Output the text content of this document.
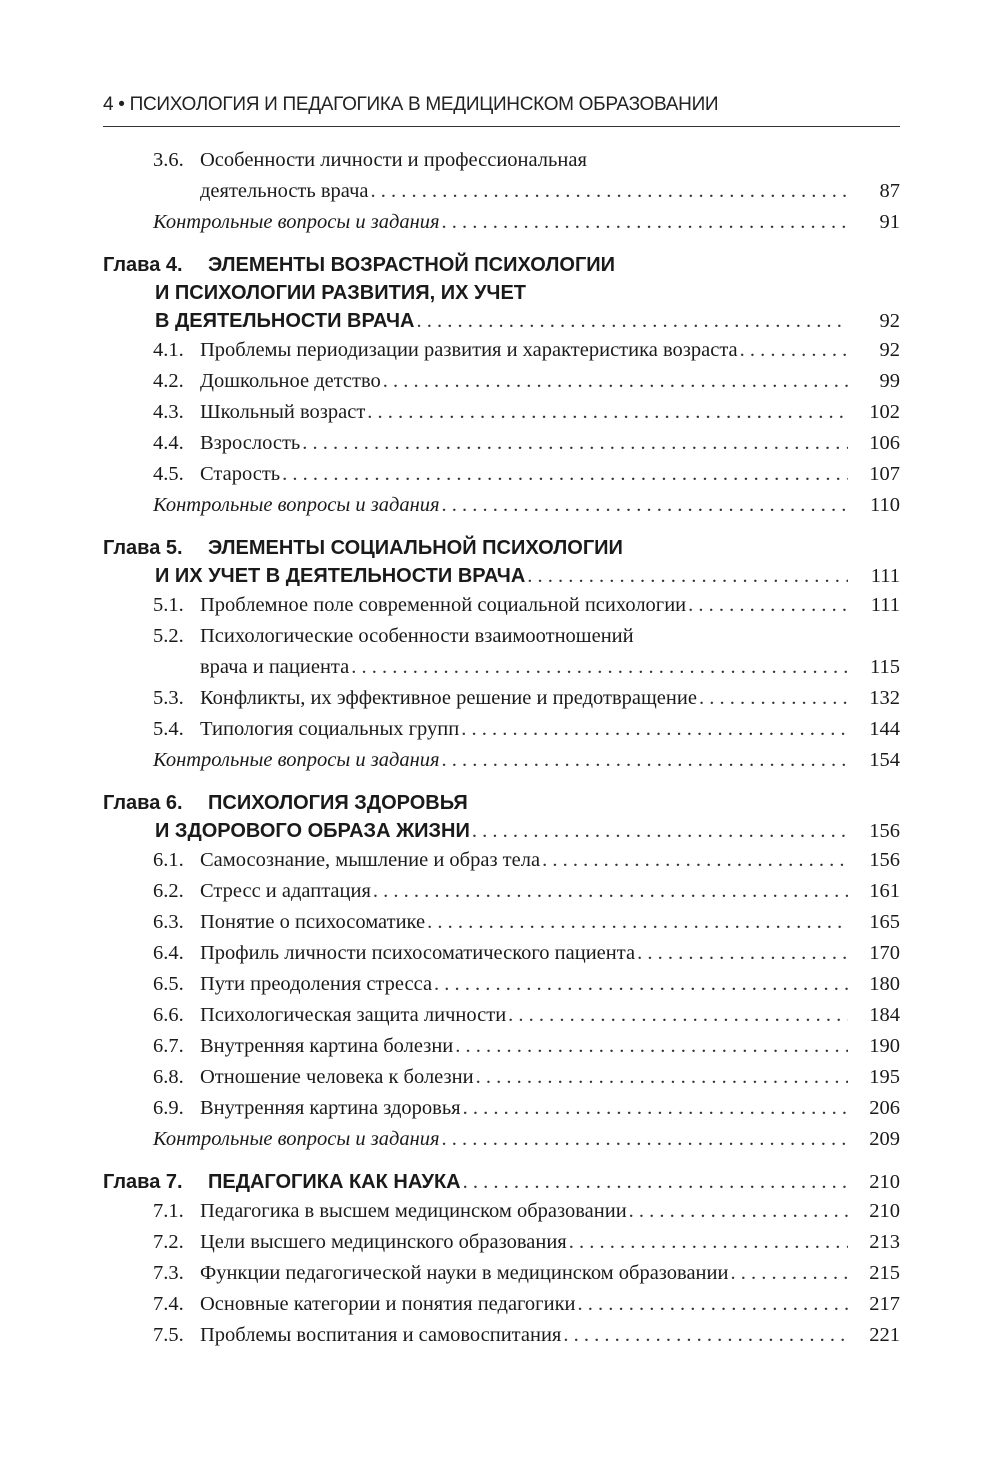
4 • ПСИХОЛОГИЯ И ПЕДАГОГИКА В МЕДИЦИНСКОМ ОБРАЗОВАНИИ
3.6. Особенности личности и профессиональная
деятельность врача . . .	87
Контрольные вопросы и задания . . .	91
Глава 4.	ЭЛЕМЕНТЫ ВОЗРАСТНОЙ ПСИХОЛОГИИ
И ПСИХОЛОГИИ РАЗВИТИЯ, ИХ УЧЕТ
В ДЕЯТЕЛЬНОСТИ ВРАЧА . . .	92
4.1. Проблемы периодизации развития и характеристика возраста . . .	92
4.2. Дошкольное детство . . .	99
4.3. Школьный возраст . . .	102
4.4. Взрослость . . .	106
4.5. Старость . . .	107
Контрольные вопросы и задания . . .	110
Глава 5.	ЭЛЕМЕНТЫ СОЦИАЛЬНОЙ ПСИХОЛОГИИ
И ИХ УЧЕТ В ДЕЯТЕЛЬНОСТИ ВРАЧА . . .	111
5.1. Проблемное поле современной социальной психологии . . .	111
5.2. Психологические особенности взаимоотношений
врача и пациента . . .	115
5.3. Конфликты, их эффективное решение и предотвращение . . .	132
5.4. Типология социальных групп . . .	144
Контрольные вопросы и задания . . .	154
Глава 6.	ПСИХОЛОГИЯ ЗДОРОВЬЯ
И ЗДОРОВОГО ОБРАЗА ЖИЗНИ . . .	156
6.1. Самосознание, мышление и образ тела . . .	156
6.2. Стресс и адаптация . . .	161
6.3. Понятие о психосоматике . . .	165
6.4. Профиль личности психосоматического пациента . . .	170
6.5. Пути преодоления стресса . . .	180
6.6. Психологическая защита личности . . .	184
6.7. Внутренняя картина болезни . . .	190
6.8. Отношение человека к болезни . . .	195
6.9. Внутренняя картина здоровья . . .	206
Контрольные вопросы и задания . . .	209
Глава 7.	ПЕДАГОГИКА КАК НАУКА . . .	210
7.1. Педагогика в высшем медицинском образовании . . .	210
7.2. Цели высшего медицинского образования . . .	213
7.3. Функции педагогической науки в медицинском образовании . . .	215
7.4. Основные категории и понятия педагогики . . .	217
7.5. Проблемы воспитания и самовоспитания . . .	221
